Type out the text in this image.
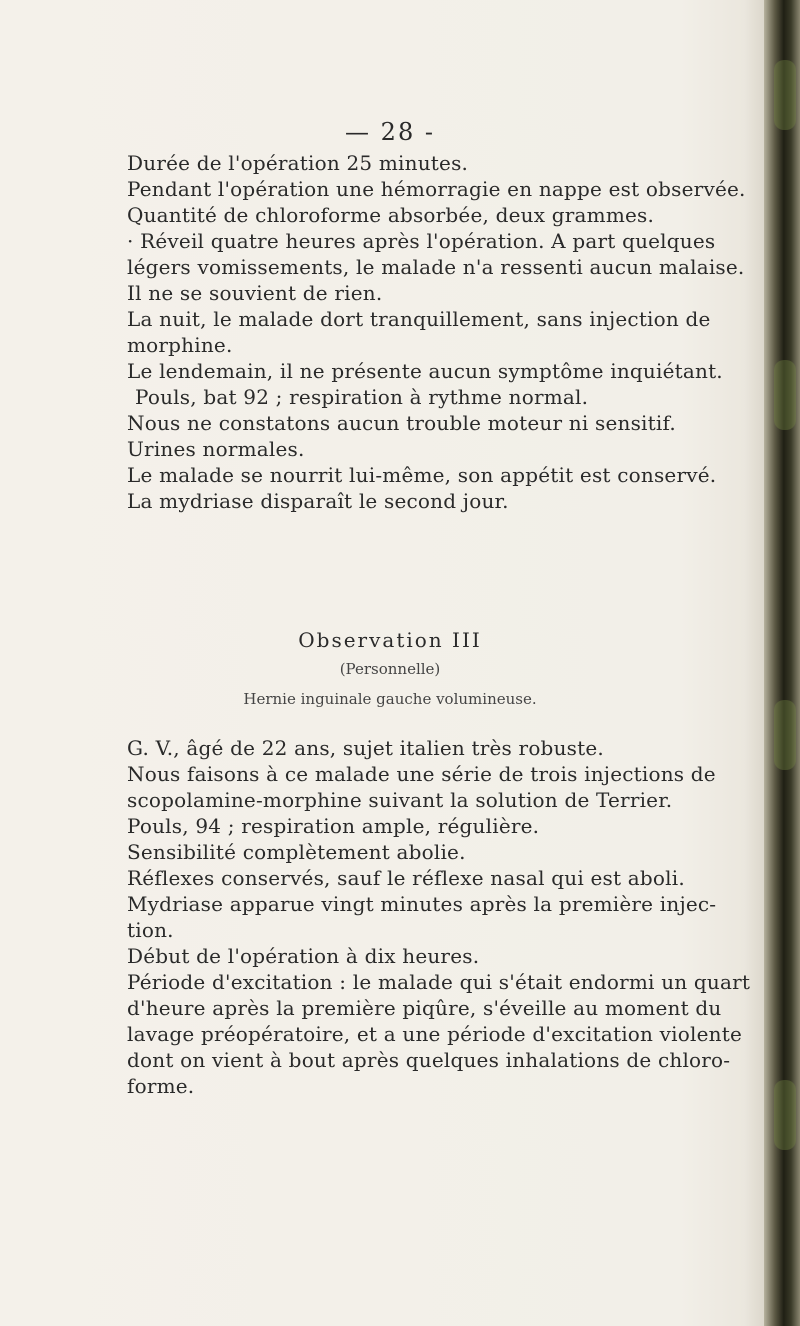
— 28 -
Durée de l'opération 25 minutes.
Pendant l'opération une hémorragie en nappe est observée.
Quantité de chloroforme absorbée, deux grammes.
· Réveil quatre heures après l'opération. A part quelques
légers vomissements, le malade n'a ressenti aucun malaise.
Il ne se souvient de rien.
La nuit, le malade dort tranquillement, sans injection de
morphine.
Le lendemain, il ne présente aucun symptôme inquiétant.
Pouls, bat 92 ; respiration à rythme normal.
Nous ne constatons aucun trouble moteur ni sensitif.
Urines normales.
Le malade se nourrit lui-même, son appétit est conservé.
La mydriase disparaît le second jour.
Observation III
(Personnelle)
Hernie inguinale gauche volumineuse.
G. V., âgé de 22 ans, sujet italien très robuste.
Nous faisons à ce malade une série de trois injections de
scopolamine-morphine suivant la solution de Terrier.
Pouls, 94 ; respiration ample, régulière.
Sensibilité complètement abolie.
Réflexes conservés, sauf le réflexe nasal qui est aboli.
Mydriase apparue vingt minutes après la première injec-
tion.
Début de l'opération à dix heures.
Période d'excitation : le malade qui s'était endormi un quart
d'heure après la première piqûre, s'éveille au moment du
lavage préopératoire, et a une période d'excitation violente
dont on vient à bout après quelques inhalations de chloro-
forme.
